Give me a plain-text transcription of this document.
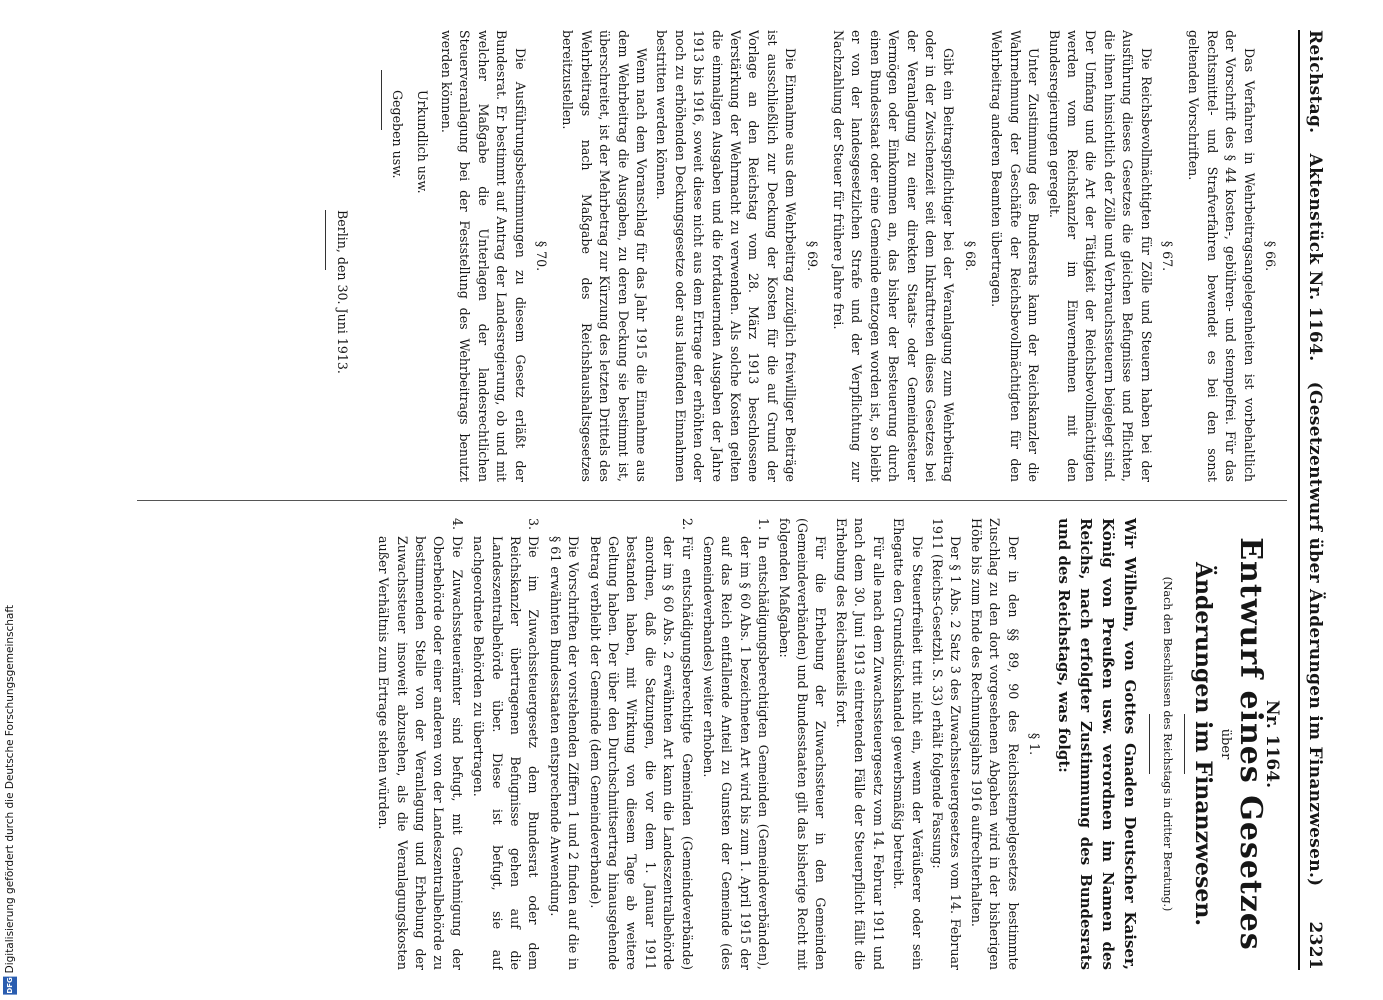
Reichstag. Aktenstück Nr. 1164. (Gesetzentwurf über Änderungen im Finanzwesen.)
2321

§ 66.

Das Verfahren in Wehrbeitragsangelegenheiten ist vorbehaltlich der Vorschrift des § 44 kosten-, gebühren- und stempelfrei. Für das Rechtsmittel- und Strafverfahren bewendet es bei den sonst geltenden Vorschriften.

§ 67.

Die Reichsbevollmächtigten für Zölle und Steuern haben bei der Ausführung dieses Gesetzes die gleichen Befugnisse und Pflichten, die ihnen hinsichtlich der Zölle und Verbrauchssteuern beigelegt sind. Der Umfang und die Art der Tätigkeit der Reichsbevollmächtigten werden vom Reichskanzler im Einvernehmen mit den Bundesregierungen geregelt.

Unter Zustimmung des Bundesrats kann der Reichskanzler die Wahrnehmung der Geschäfte der Reichsbevollmächtigten für den Wehrbeitrag anderen Beamten übertragen.

§ 68.

Gibt ein Beitragspflichtiger bei der Veranlagung zum Wehrbeitrag oder in der Zwischenzeit seit dem Inkrafttreten dieses Gesetzes bei der Veranlagung zu einer direkten Staats- oder Gemeindesteuer Vermögen oder Einkommen an, das bisher der Besteuerung durch einen Bundesstaat oder eine Gemeinde entzogen worden ist, so bleibt er von der landesgesetzlichen Strafe und der Verpflichtung zur Nachzahlung der Steuer für frühere Jahre frei.

§ 69.

Die Einnahme aus dem Wehrbeitrag zuzüglich freiwilliger Beiträge ist ausschließlich zur Deckung der Kosten für die auf Grund der Vorlage an den Reichstag vom 28. März 1913 beschlossene Verstärkung der Wehrmacht zu verwenden. Als solche Kosten gelten die einmaligen Ausgaben und die fortdauernden Ausgaben der Jahre 1913 bis 1916, soweit diese nicht aus dem Ertrage der erhöhten oder noch zu erhöhenden Deckungsgesetze oder aus laufenden Einnahmen bestritten werden können.

Wenn nach dem Voranschlag für das Jahr 1915 die Einnahme aus dem Wehrbeitrag die Ausgaben, zu deren Deckung sie bestimmt ist, überschreitet, ist der Mehrbetrag zur Kürzung des letzten Drittels des Wehrbeitrags nach Maßgabe des Reichshaushaltsgesetzes bereitzustellen.

§ 70.

Die Ausführungsbestimmungen zu diesem Gesetz erläßt der Bundesrat. Er bestimmt auf Antrag der Landesregierung, ob und mit welcher Maßgabe die Unterlagen der landesrechtlichen Steuerveranlagung bei der Feststellung des Wehrbeitrags benutzt werden können.

Urkundlich usw.
Gegeben usw.
Berlin, den 30. Juni 1913.
Nr. 1164.
Entwurf eines Gesetzes
über
Änderungen im Finanzwesen.
(Nach den Beschlüssen des Reichstags in dritter Beratung.)

Wir Wilhelm, von Gottes Gnaden Deutscher Kaiser, König von Preußen usw. verordnen im Namen des Reichs, nach erfolgter Zustimmung des Bundesrats und des Reichstags, was folgt:

§ 1.

Der in den §§ 89, 90 des Reichsstempelgesetzes bestimmte Zuschlag zu den dort vorgesehenen Abgaben wird in der bisherigen Höhe bis zum Ende des Rechnungsjahrs 1916 aufrechterhalten.

Der § 1 Abs. 2 Satz 3 des Zuwachssteuergesetzes vom 14. Februar 1911 (Reichs-Gesetzbl. S. 33) erhält folgende Fassung:

Die Steuerfreiheit tritt nicht ein, wenn der Veräußerer oder sein Ehegatte den Grundstückshandel gewerbsmäßig betreibt.

Für alle nach dem Zuwachssteuergesetz vom 14. Februar 1911 und nach dem 30. Juni 1913 eintretenden Fälle der Steuerpflicht fällt die Erhebung des Reichsanteils fort.

Für die Erhebung der Zuwachssteuer in den Gemeinden (Gemeindeverbänden) und Bundesstaaten gilt das bisherige Recht mit folgenden Maßgaben:

1.
In entschädigungsberechtigten Gemeinden (Gemeindeverbänden), der im § 60 Abs. 1 bezeichneten Art wird bis zum 1. April 1915 der auf das Reich entfallende Anteil zu Gunsten der Gemeinde (des Gemeindeverbandes) weiter erhoben.
2.
Für entschädigungsberechtigte Gemeinden (Gemeindeverbände) der im § 60 Abs. 2 erwähnten Art kann die Landeszentralbehörde anordnen, daß die Satzungen, die vor dem 1. Januar 1911 bestanden haben, mit Wirkung von diesem Tage ab weitere Geltung haben. Der über den Durchschnittsertrag hinausgehende Betrag verbleibt der Gemeinde (dem Gemeindeverbande).
Die Vorschriften der vorstehenden Ziffern 1 und 2 finden auf die in § 61 erwähnten Bundesstaaten entsprechende Anwendung.
3.
Die im Zuwachssteuergesetz dem Bundesrat oder dem Reichskanzler übertragenen Befugnisse gehen auf die Landeszentralbehörde über. Diese ist befugt, sie auf nachgeordnete Behörden zu übertragen.
4.
Die Zuwachssteuerämter sind befugt, mit Genehmigung der Oberbehörde oder einer anderen von der Landeszentralbehörde zu bestimmenden Stelle von der Veranlagung und Erhebung der Zuwachssteuer insoweit abzusehen, als die Veranlagungskosten außer Verhältnis zum Ertrage stehen würden.
Digitalisierung gefördert durch die Deutsche Forschungsgemeinschaft
DFG
